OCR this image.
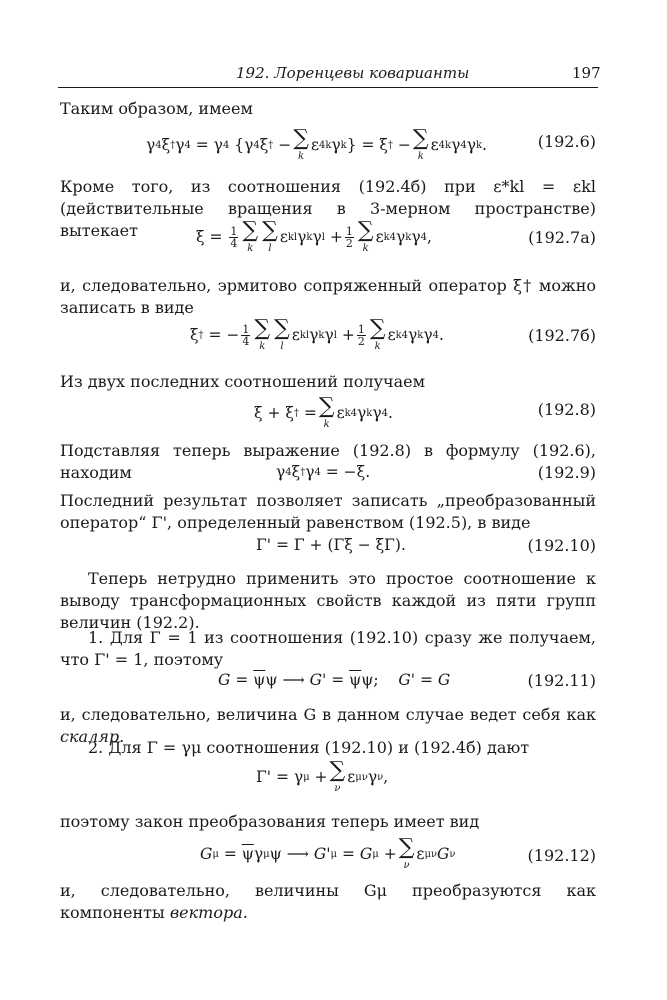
192. Лоренцевы коварианты	197
Таким образом, имеем
γ 4 ξ † γ 4 = γ 4 {γ 4 ξ † − ∑
k
ε 4k γ k } = ξ † − ∑
k
ε 4k γ 4 γ k .	(192.6)
Кроме того, из соотношения (192.4б) при ε*kl = εkl (действительные вращения в 3-мерном пространстве) вытекает	$\xi = \frac{1}{4}$ ∑
k
∑
l
ε kl γ k γ $l + \frac{1}{2}$ ∑
k
ε k4 γ k γ 4 ,	(192.7а)
и, следовательно, эрмитово сопряженный оператор ξ† можно записать в виде
ξ † = − $\frac{1}{4}$ ∑
k
∑
l
ε kl γ k γ $l + \frac{1}{2}$ ∑
k
ε k4 γ k γ 4 .	(192.7б)
Из двух последних соотношений получаем
ξ + ξ † = ∑
k
ε k4 γ k γ 4 .	(192.8)
Подставляя теперь выражение (192.8) в формулу (192.6), находим	γ 4 ξ † γ 4 = −ξ.	(192.9)
Последний результат позволяет записать „преобразованный оператор“ Γ', определенный равенством (192.5), в виде
Γ' = Γ + (Γξ − ξΓ).	(192.10)
Теперь нетрудно применить это простое соотношение к выводу трансформационных свойств каждой из пяти групп величин (192.2).
1. Для Γ = 1 из соотношения (192.10) сразу же получаем, что Γ' = 1, поэтому
$G = \overline{\psi}$ ψ ⟶ $G' = \overline{\psi}$ ψ; G' = G	(192.11)
и, следовательно, величина G в данном случае ведет себя как скаляр.
2. Для Γ = γμ соотношения (192.10) и (192.4б) дают
Γ' = γ μ + ∑
ν
ε μν γ ν ,
поэтому закон преобразования теперь имеет вид
G $\mu = \overline{\psi}$ γ μ ψ ⟶ G' μ = G μ + ∑
ν
ε μν G ν	(192.12)
и, следовательно, величины Gμ преобразуются как компоненты вектора.
